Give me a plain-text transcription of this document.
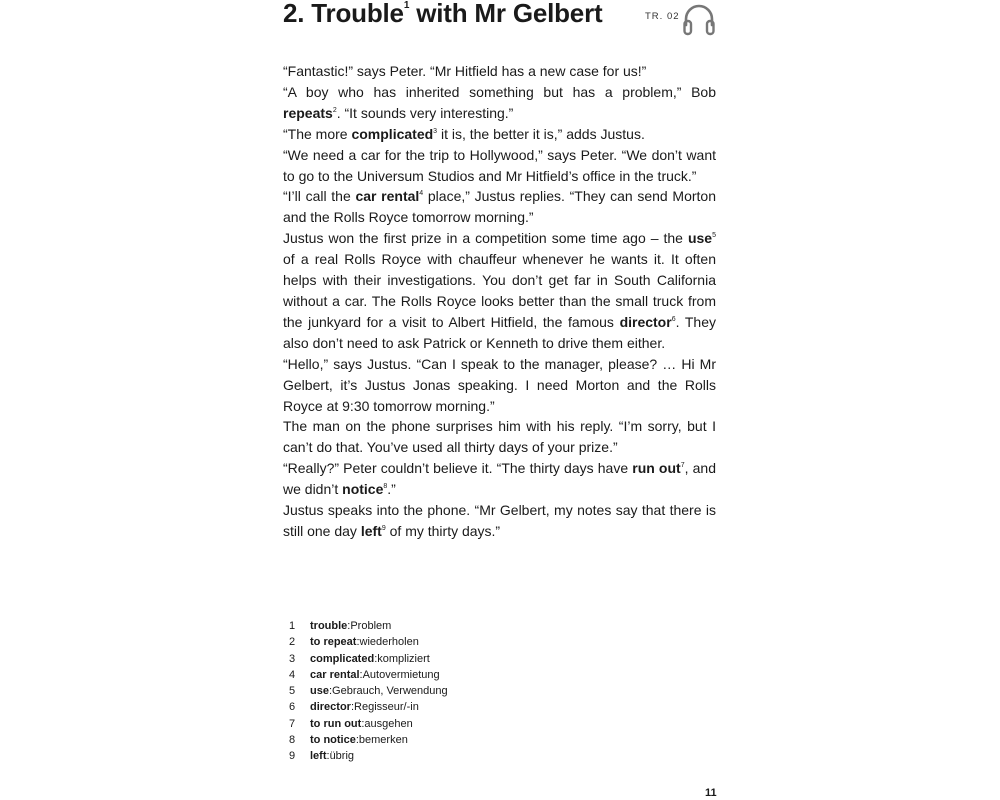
2. Trouble$^1$ with Mr Gelbert	TR. 02

“Fantastic!” says Peter. “Mr Hitfield has a new case for us!”

“A boy who has inherited something but has a problem,” Bob repeats$^2$. “It sounds very interesting.”

“The more complicated$^3$ it is, the better it is,” adds Justus.

“We need a car for the trip to Hollywood,” says Peter. “We don’t want to go to the Universum Studios and Mr Hitfield’s office in the truck.”

“I’ll call the car rental$^4$ place,” Justus replies. “They can send Morton and the Rolls Royce tomorrow morning.”

Justus won the first prize in a competition some time ago – the use$^5$ of a real Rolls Royce with chauffeur whenever he wants it. It often helps with their investigations. You don’t get far in South California without a car. The Rolls Royce looks better than the small truck from the junkyard for a visit to Albert Hitfield, the famous director$^6$. They also don’t need to ask Patrick or Kenneth to drive them either.

“Hello,” says Justus. “Can I speak to the manager, please? … Hi Mr Gelbert, it’s Justus Jonas speaking. I need Morton and the Rolls Royce at 9:30 tomorrow morning.”

The man on the phone surprises him with his reply. “I’m sorry, but I can’t do that. You’ve used all thirty days of your prize.”

“Really?” Peter couldn’t believe it. “The thirty days have run out$^7$, and we didn’t notice$^8$.”

Justus speaks into the phone. “Mr Gelbert, my notes say that there is still one day left$^9$ of my thirty days.”

1	trouble : Problem
2	to repeat : wiederholen
3	complicated : kompliziert
4	car rental : Autovermietung
5	use : Gebrauch, Verwendung
6	director : Regisseur/-in
7	to run out : ausgehen
8	to notice : bemerken
9	left : übrig
11
